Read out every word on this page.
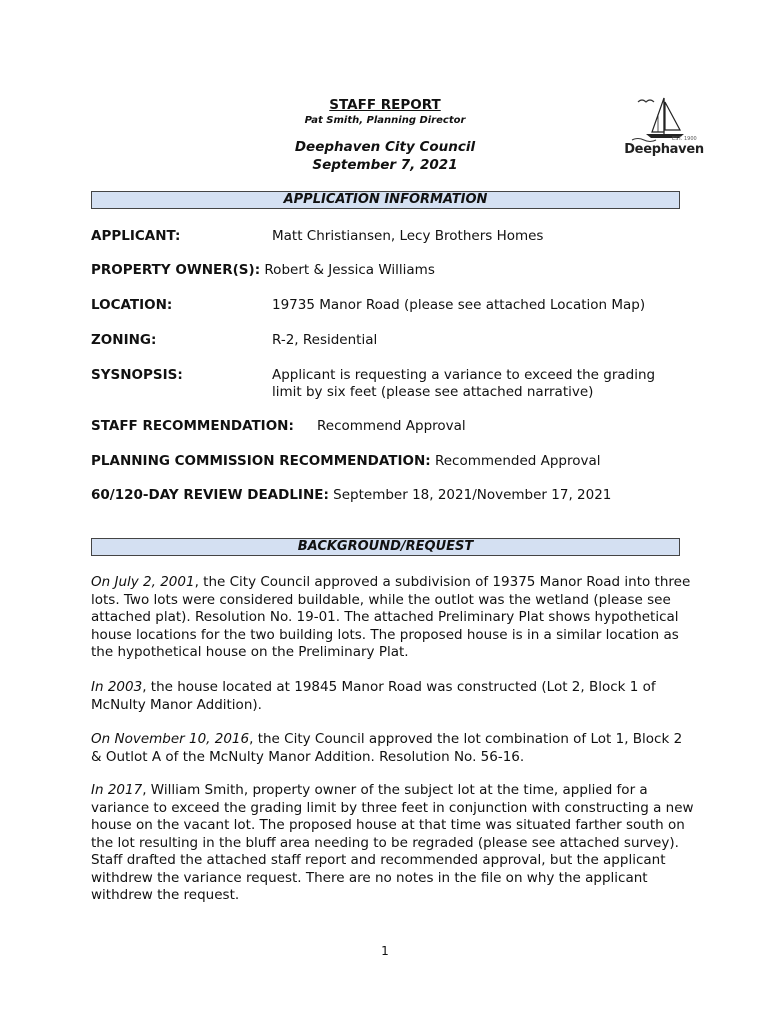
STAFF REPORT
Pat Smith, Planning Director
Deephaven City Council
September 7, 2021
EST. 1900
Deephaven
APPLICATION INFORMATION
APPLICANT:	Matt Christiansen, Lecy Brothers Homes
PROPERTY OWNER(S): Robert & Jessica Williams
LOCATION:	19735 Manor Road (please see attached Location Map)
ZONING:	R-2, Residential
SYSNOPSIS:	Applicant is requesting a variance to exceed the grading
limit by six feet (please see attached narrative)
STAFF RECOMMENDATION: Recommend Approval
PLANNING COMMISSION RECOMMENDATION: Recommended Approval
60/120-DAY REVIEW DEADLINE: September 18, 2021/November 17, 2021
BACKGROUND/REQUEST
On July 2, 2001, the City Council approved a subdivision of 19375 Manor Road into three lots. Two lots were considered buildable, while the outlot was the wetland (please see attached plat). Resolution No. 19-01. The attached Preliminary Plat shows hypothetical house locations for the two building lots. The proposed house is in a similar location as the hypothetical house on the Preliminary Plat.
In 2003, the house located at 19845 Manor Road was constructed (Lot 2, Block 1 of McNulty Manor Addition).
On November 10, 2016, the City Council approved the lot combination of Lot 1, Block 2 & Outlot A of the McNulty Manor Addition. Resolution No. 56-16.
In 2017, William Smith, property owner of the subject lot at the time, applied for a variance to exceed the grading limit by three feet in conjunction with constructing a new house on the vacant lot. The proposed house at that time was situated farther south on the lot resulting in the bluff area needing to be regraded (please see attached survey). Staff drafted the attached staff report and recommended approval, but the applicant withdrew the variance request. There are no notes in the file on why the applicant withdrew the request.
1
